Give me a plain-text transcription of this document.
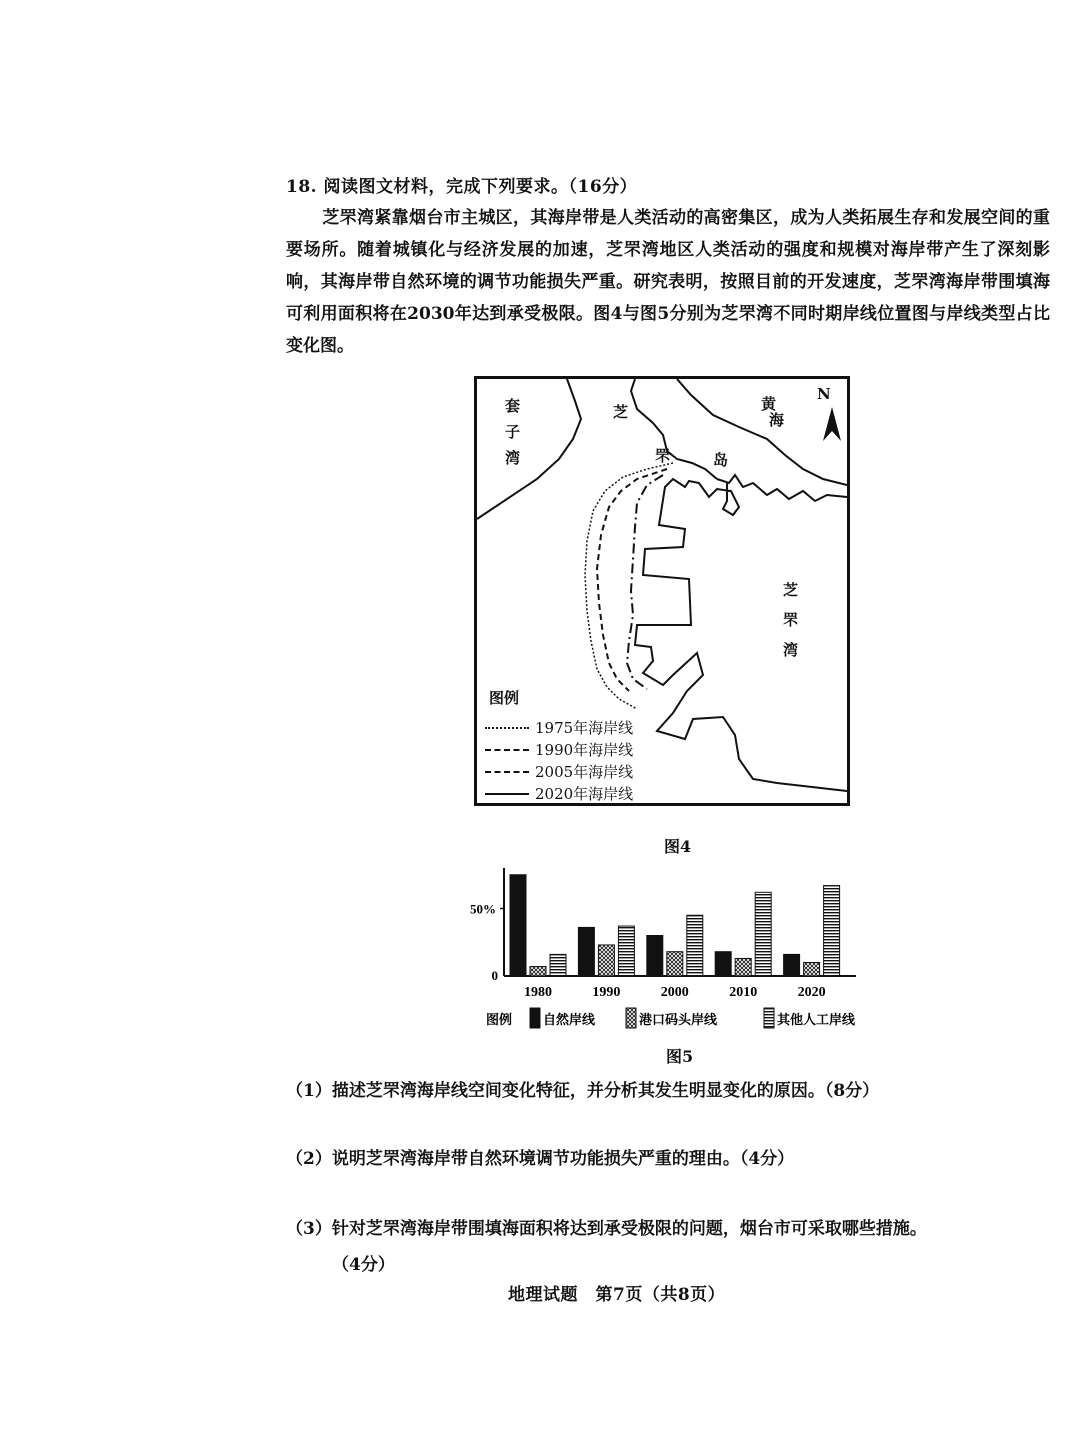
18. 阅读图文材料，完成下列要求。（16分）
芝罘湾紧靠烟台市主城区，其海岸带是人类活动的高密集区，成为人类拓展生存和发展空间的重要场所。随着城镇化与经济发展的加速，芝罘湾地区人类活动的强度和规模对海岸带产生了深刻影响，其海岸带自然环境的调节功能损失严重。研究表明，按照目前的开发速度，芝罘湾海岸带围填海可利用面积将在2030年达到承受极限。图4与图5分别为芝罘湾不同时期岸线位置图与岸线类型占比变化图。
套子湾
芝
N
芝罘湾
图例
1975年海岸线
1990年海岸线
2005年海岸线
2020年海岸线
罘	岛
黄
海
图4
0
50%
1980	1990	2000	2010	2020
图例 自然岸线	港口码头岸线	其他人工岸线
图5
（1）描述芝罘湾海岸线空间变化特征，并分析其发生明显变化的原因。（8分）
（2）说明芝罘湾海岸带自然环境调节功能损失严重的理由。（4分）
（3）针对芝罘湾海岸带围填海面积将达到承受极限的问题，烟台市可采取哪些措施。
（4分）
地理试题　第7页（共8页）
